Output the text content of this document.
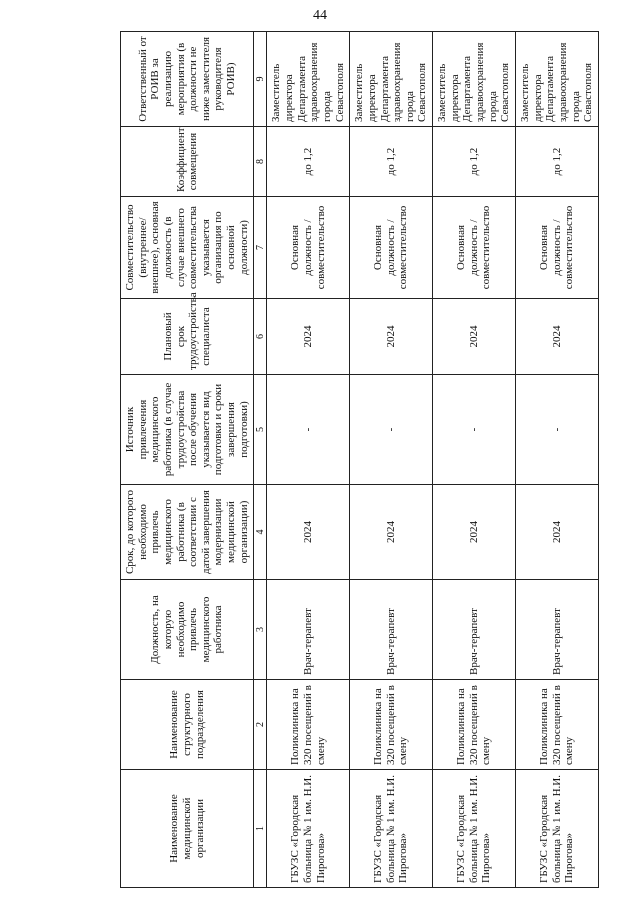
44
Наименование медицинской организации	Наименование структурного подразделения	Должность, на которую необходимо привлечь медицинского работника	Срок, до которого необходимо привлечь медицинского работника (в соответствии с датой завершения модернизации медицинской организации)	Источник привлечения медицинского работника (в случае трудоустройства после обучения указывается вид подготовки и сроки завершения подготовки)	Плановый срок трудоустройства специалиста	Совместительство (внутреннее/внешнее), основная должность (в случае внешнего совместительства указывается организация по основной должности)	Коэффициент совмещения	Ответственный от РОИВ за реализацию мероприятия (в должности не ниже заместителя руководителя РОИВ)
1	2	3	4	5	6	7	8	9
ГБУЗС «Городская больница № 1 им. Н.И. Пирогова»	Поликлиника на 320 посещений в смену	Врач-терапевт	2024	-	2024	Основная должность / совместительство	до 1,2	Заместитель директора Департамента здравоохранения города Севастополя
ГБУЗС «Городская больница № 1 им. Н.И. Пирогова»	Поликлиника на 320 посещений в смену	Врач-терапевт	2024	-	2024	Основная должность / совместительство	до 1,2	Заместитель директора Департамента здравоохранения города Севастополя
ГБУЗС «Городская больница № 1 им. Н.И. Пирогова»	Поликлиника на 320 посещений в смену	Врач-терапевт	2024	-	2024	Основная должность / совместительство	до 1,2	Заместитель директора Департамента здравоохранения города Севастополя
ГБУЗС «Городская больница № 1 им. Н.И. Пирогова»	Поликлиника на 320 посещений в смену	Врач-терапевт	2024	-	2024	Основная должность / совместительство	до 1,2	Заместитель директора Департамента здравоохранения города Севастополя
